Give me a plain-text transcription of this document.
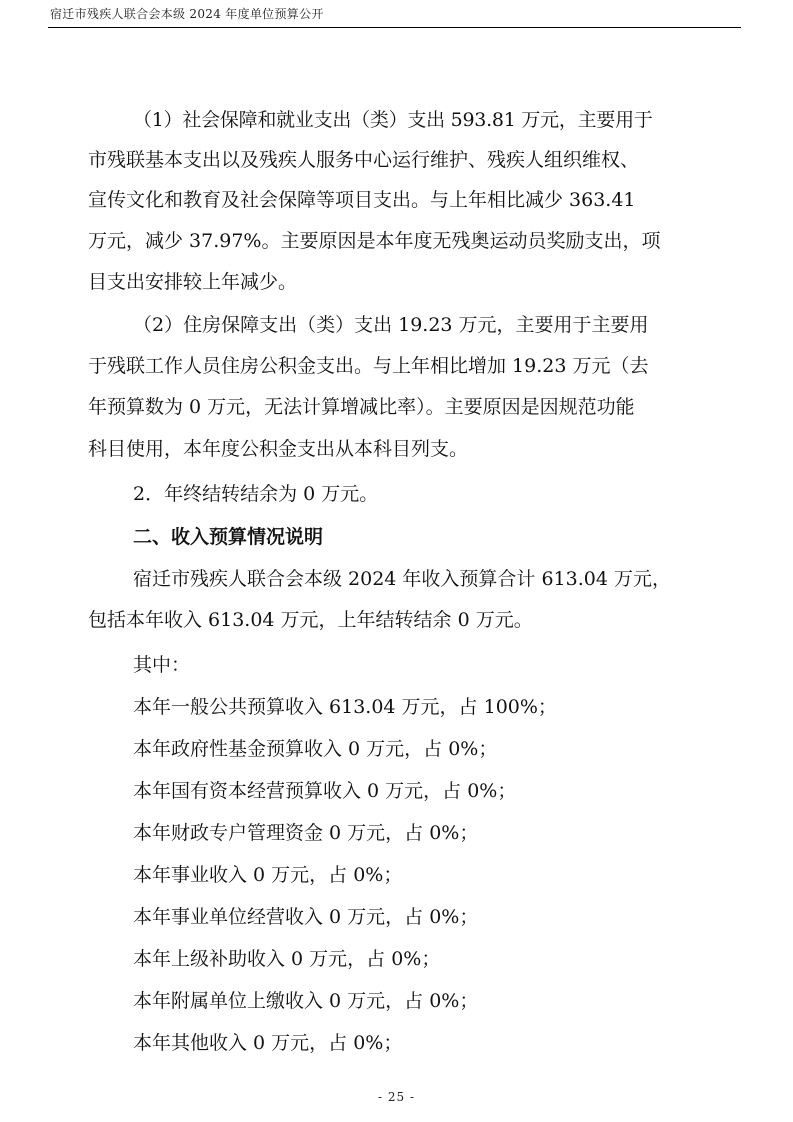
宿迁市残疾人联合会本级 2024 年度单位预算公开
（1）社会保障和就业支出（类）支出 593.81 万元，主要用于
市残联基本支出以及残疾人服务中心运行维护、残疾人组织维权、
宣传文化和教育及社会保障等项目支出。与上年相比减少 363.41
万元，减少 37.97%。主要原因是本年度无残奥运动员奖励支出，项
目支出安排较上年减少。
（2）住房保障支出（类）支出 19.23 万元，主要用于主要用
于残联工作人员住房公积金支出。与上年相比增加 19.23 万元（去
年预算数为 0 万元，无法计算增减比率）。主要原因是因规范功能
科目使用，本年度公积金支出从本科目列支。
2．年终结转结余为 0 万元。
二、收入预算情况说明
宿迁市残疾人联合会本级 2024 年收入预算合计 613.04 万元，
包括本年收入 613.04 万元，上年结转结余 0 万元。
其中：
本年一般公共预算收入 613.04 万元，占 100%；
本年政府性基金预算收入 0 万元，占 0%；
本年国有资本经营预算收入 0 万元，占 0%；
本年财政专户管理资金 0 万元，占 0%；
本年事业收入 0 万元，占 0%；
本年事业单位经营收入 0 万元，占 0%；
本年上级补助收入 0 万元，占 0%；
本年附属单位上缴收入 0 万元，占 0%；
本年其他收入 0 万元，占 0%；
- 25 -
